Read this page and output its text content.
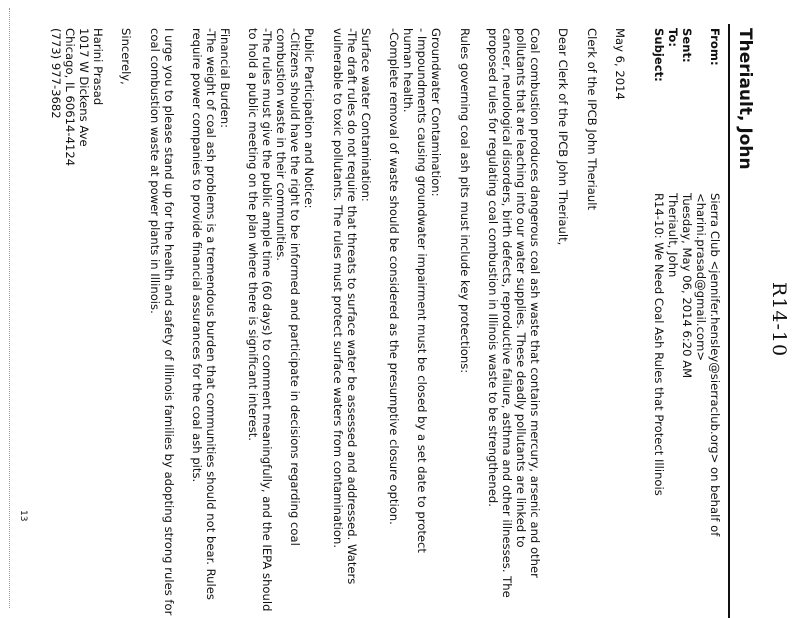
R14-10
Theriault, John
From:
Sierra Club <jennifer.hensley@sierraclub.org> on behalf of
<harini.prasad@gmail.com>
Sent:
Tuesday, May 06, 2014 6:20 AM
To:
Theriault, John
Subject:
R14-10: We Need Coal Ash Rules that Protect Illinois
May 6, 2014
Clerk of the IPCB John Theriault
Dear Clerk of the IPCB John Theriault,
Coal combustion produces dangerous coal ash waste that contains mercury, arsenic and other
pollutants that are leaching into our water supplies. These deadly pollutants are linked to
cancer, neurological disorders, birth defects, reproductive failure, asthma and other illnesses. The
proposed rules for regulating coal combustion in Illinois waste to be strengthened.
Rules governing coal ash pits must include key protections:
Groundwater Contamination:
- Impoundments causing groundwater impairment must be closed by a set date to protect
human health.
-Complete removal of waste should be considered as the presumptive closure option.
Surface water Contamination:
-The draft rules do not require that threats to surface water be assessed and addressed. Waters
vulnerable to toxic pollutants. The rules must protect surface waters from contamination.
Public Participation and Notice:
-Citizens should have the right to be informed and participate in decisions regarding coal
combustion waste in their communities.
-The rules must give the public ample time (60 days) to comment meaningfully, and the IEPA should
to hold a public meeting on the plan where there is significant interest.
Financial Burden:
-The weight of coal ash problems is a tremendous burden that communities should not bear. Rules
require power companies to provide financial assurances for the coal ash pits.
I urge you to please stand up for the health and safety of Illinois families by adopting strong rules for
coal combustion waste at power plants in Illinois.
Sincerely,
Harini Prasad
1017 W Dickens Ave
Chicago, IL 60614-4124
(773) 977-3682
13
